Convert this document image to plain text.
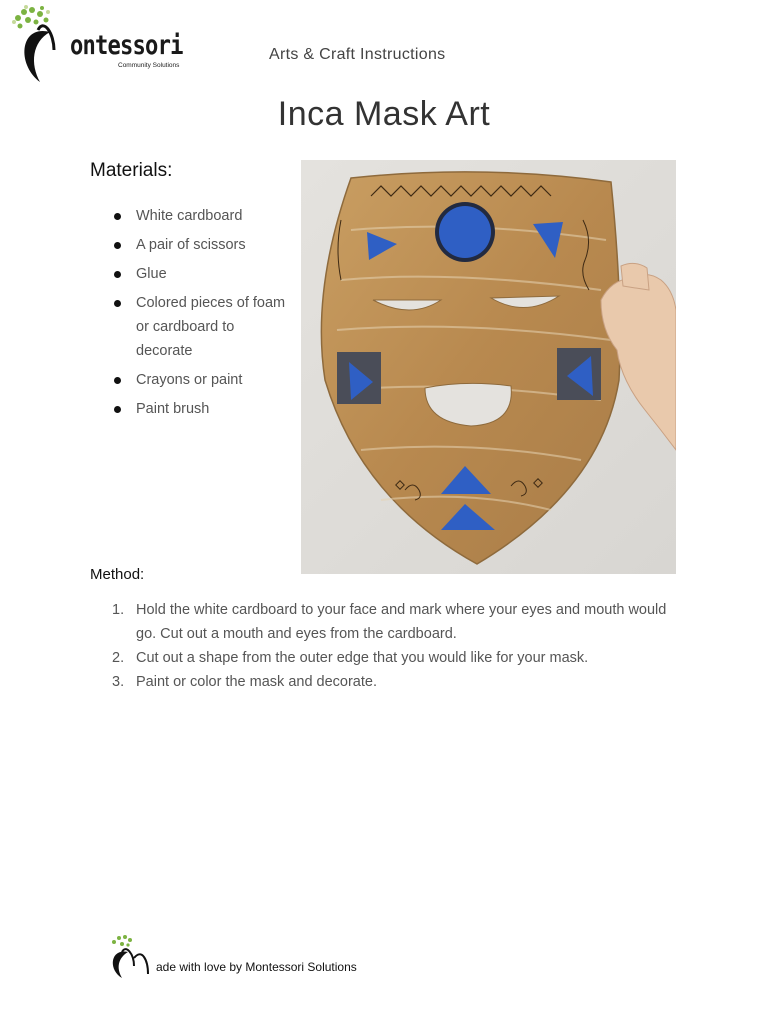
ontessori
Community Solutions
Arts & Craft Instructions
Inca Mask Art
Materials:
White cardboard
A pair of scissors
Glue
Colored pieces of foam or cardboard to decorate
Crayons or paint
Paint brush
Method:
1. Hold the white cardboard to your face and mark where your eyes and mouth would go. Cut out a mouth and eyes from the cardboard.
2. Cut out a shape from the outer edge that you would like for your mask.
3. Paint or color the mask and decorate.
ade with love by Montessori Solutions
